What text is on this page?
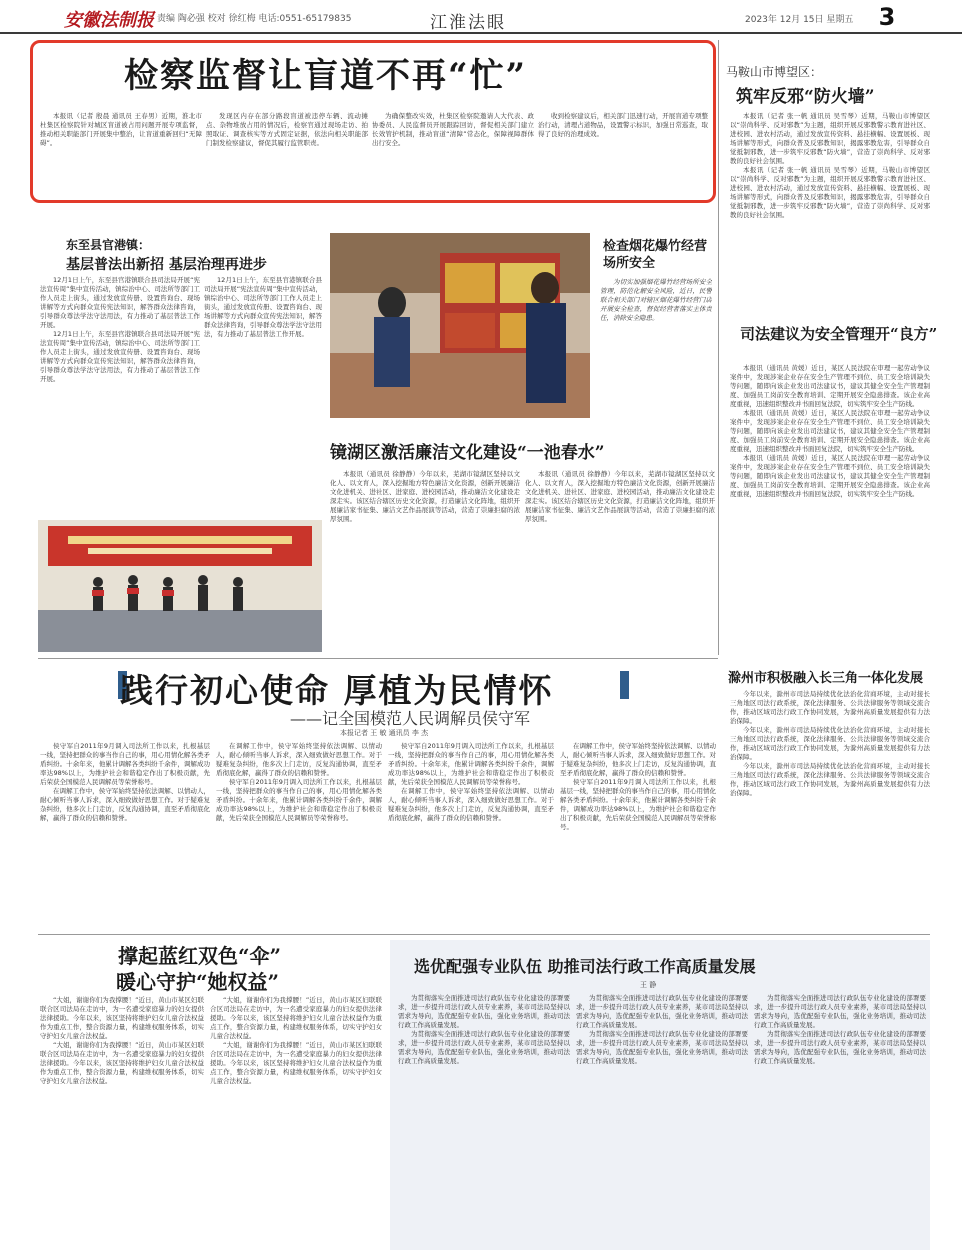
安徽法制报 责编 陶必强 校对 徐红梅 电话:0551-65179835	江淮法眼	2023年 12月 15日 星期五 3
检察监督让盲道不再“忙”

本报讯（记者 殷晨 通讯员 王春男）近期，淮北市杜集区检察院针对城区盲道被占用问题开展专项监督，推动相关职能部门开展集中整治，让盲道重新回归“无障碍”。

发现区内存在部分路段盲道被违停车辆、流动摊点、杂物堆放占用的情况后，检察官通过现场走访、拍照取证、调查核实等方式固定证据，依法向相关职能部门制发检察建议，督促其履行监管职责。

为确保整改实效，杜集区检察院邀请人大代表、政协委员、人民监督员开展跟踪回访，督促相关部门建立长效管护机制，推动盲道“清障”常态化，保障视障群体出行安全。

收到检察建议后，相关部门迅速行动，开展盲道专项整治行动，清理占道物品，设置警示标识，加强日常巡查，取得了良好的治理成效。

马鞍山市博望区：
筑牢反邪“防火墙”

本报讯（记者 张一帆 通讯员 吴雪琴）近期，马鞍山市博望区以“崇尚科学、反对邪教”为主题，组织开展反邪教警示教育进社区、进校园、进农村活动，通过发放宣传资料、悬挂横幅、设置展板、现场讲解等形式，向群众普及反邪教知识，揭露邪教危害，引导群众自觉抵制邪教，进一步筑牢反邪教“防火墙”，营造了崇尚科学、反对邪教的良好社会氛围。

本报讯（记者 张一帆 通讯员 吴雪琴）近期，马鞍山市博望区以“崇尚科学、反对邪教”为主题，组织开展反邪教警示教育进社区、进校园、进农村活动，通过发放宣传资料、悬挂横幅、设置展板、现场讲解等形式，向群众普及反邪教知识，揭露邪教危害，引导群众自觉抵制邪教，进一步筑牢反邪教“防火墙”，营造了崇尚科学、反对邪教的良好社会氛围。

司法建议为安全管理开“良方”

本报讯（通讯员 黄媛）近日，某区人民法院在审理一起劳动争议案件中，发现涉案企业存在安全生产管理不到位、员工安全培训缺失等问题，随即向该企业发出司法建议书，建议其健全安全生产管理制度、加强员工岗前安全教育培训、定期开展安全隐患排查。该企业高度重视，迅速组织整改并书面回复法院，切实筑牢安全生产防线。

本报讯（通讯员 黄媛）近日，某区人民法院在审理一起劳动争议案件中，发现涉案企业存在安全生产管理不到位、员工安全培训缺失等问题，随即向该企业发出司法建议书，建议其健全安全生产管理制度、加强员工岗前安全教育培训、定期开展安全隐患排查。该企业高度重视，迅速组织整改并书面回复法院，切实筑牢安全生产防线。

本报讯（通讯员 黄媛）近日，某区人民法院在审理一起劳动争议案件中，发现涉案企业存在安全生产管理不到位、员工安全培训缺失等问题，随即向该企业发出司法建议书，建议其健全安全生产管理制度、加强员工岗前安全教育培训、定期开展安全隐患排查。该企业高度重视，迅速组织整改并书面回复法院，切实筑牢安全生产防线。

东至县官港镇：
基层普法出新招 基层治理再进步

12月1日上午，东至县官港镇联合县司法局开展“宪法宣传周”集中宣传活动，镇综治中心、司法所等部门工作人员走上街头，通过发放宣传册、设置咨询台、现场讲解等方式向群众宣传宪法知识，解答群众法律咨询，引导群众尊法学法守法用法，有力推动了基层普法工作开展。

12月1日上午，东至县官港镇联合县司法局开展“宪法宣传周”集中宣传活动，镇综治中心、司法所等部门工作人员走上街头，通过发放宣传册、设置咨询台、现场讲解等方式向群众宣传宪法知识，解答群众法律咨询，引导群众尊法学法守法用法，有力推动了基层普法工作开展。

12月1日上午，东至县官港镇联合县司法局开展“宪法宣传周”集中宣传活动，镇综治中心、司法所等部门工作人员走上街头，通过发放宣传册、设置咨询台、现场讲解等方式向群众宣传宪法知识，解答群众法律咨询，引导群众尊法学法守法用法，有力推动了基层普法工作开展。

检查烟花爆竹经营场所安全

为切实加强烟花爆竹经营场所安全管理，防范化解安全风险，近日，民警联合相关部门对辖区烟花爆竹经营门店开展安全检查，督促经营者落实主体责任，消除安全隐患。

镜湖区激活廉洁文化建设“一池春水”

本报讯（通讯员 徐静静）今年以来，芜湖市镜湖区坚持以文化人、以文育人，深入挖掘地方特色廉洁文化资源，创新开展廉洁文化进机关、进社区、进家庭、进校园活动，推动廉洁文化建设走深走实。该区结合辖区历史文化资源，打造廉洁文化阵地，组织开展廉洁家书征集、廉洁文艺作品展演等活动，营造了崇廉拒腐的浓厚氛围。

本报讯（通讯员 徐静静）今年以来，芜湖市镜湖区坚持以文化人、以文育人，深入挖掘地方特色廉洁文化资源，创新开展廉洁文化进机关、进社区、进家庭、进校园活动，推动廉洁文化建设走深走实。该区结合辖区历史文化资源，打造廉洁文化阵地，组织开展廉洁家书征集、廉洁文艺作品展演等活动，营造了崇廉拒腐的浓厚氛围。

践行初心使命 厚植为民情怀
——记全国模范人民调解员侯守军
本报记者 王 敏 通讯员 李 杰

侯守军自2011年9月调入司法所工作以来，扎根基层一线，坚持把群众的事当作自己的事，用心用情化解各类矛盾纠纷。十余年来，他累计调解各类纠纷千余件，调解成功率达98%以上，为维护社会和谐稳定作出了积极贡献，先后荣获全国模范人民调解员等荣誉称号。

在调解工作中，侯守军始终坚持依法调解、以情动人，耐心倾听当事人诉求，深入细致做好思想工作。对于疑难复杂纠纷，他多次上门走访，反复沟通协调，直至矛盾彻底化解，赢得了群众的信赖和赞誉。

在调解工作中，侯守军始终坚持依法调解、以情动人，耐心倾听当事人诉求，深入细致做好思想工作。对于疑难复杂纠纷，他多次上门走访，反复沟通协调，直至矛盾彻底化解，赢得了群众的信赖和赞誉。

侯守军自2011年9月调入司法所工作以来，扎根基层一线，坚持把群众的事当作自己的事，用心用情化解各类矛盾纠纷。十余年来，他累计调解各类纠纷千余件，调解成功率达98%以上，为维护社会和谐稳定作出了积极贡献，先后荣获全国模范人民调解员等荣誉称号。

侯守军自2011年9月调入司法所工作以来，扎根基层一线，坚持把群众的事当作自己的事，用心用情化解各类矛盾纠纷。十余年来，他累计调解各类纠纷千余件，调解成功率达98%以上，为维护社会和谐稳定作出了积极贡献，先后荣获全国模范人民调解员等荣誉称号。

在调解工作中，侯守军始终坚持依法调解、以情动人，耐心倾听当事人诉求，深入细致做好思想工作。对于疑难复杂纠纷，他多次上门走访，反复沟通协调，直至矛盾彻底化解，赢得了群众的信赖和赞誉。

在调解工作中，侯守军始终坚持依法调解、以情动人，耐心倾听当事人诉求，深入细致做好思想工作。对于疑难复杂纠纷，他多次上门走访，反复沟通协调，直至矛盾彻底化解，赢得了群众的信赖和赞誉。

侯守军自2011年9月调入司法所工作以来，扎根基层一线，坚持把群众的事当作自己的事，用心用情化解各类矛盾纠纷。十余年来，他累计调解各类纠纷千余件，调解成功率达98%以上，为维护社会和谐稳定作出了积极贡献，先后荣获全国模范人民调解员等荣誉称号。

滁州市积极融入长三角一体化发展

今年以来，滁州市司法局持续优化法治化营商环境，主动对接长三角地区司法行政系统，深化法律服务、公共法律服务等领域交流合作，推动区域司法行政工作协同发展，为滁州高质量发展提供有力法治保障。

今年以来，滁州市司法局持续优化法治化营商环境，主动对接长三角地区司法行政系统，深化法律服务、公共法律服务等领域交流合作，推动区域司法行政工作协同发展，为滁州高质量发展提供有力法治保障。

今年以来，滁州市司法局持续优化法治化营商环境，主动对接长三角地区司法行政系统，深化法律服务、公共法律服务等领域交流合作，推动区域司法行政工作协同发展，为滁州高质量发展提供有力法治保障。

撑起蓝红双色“伞”
暖心守护“她权益”

“大姐，谢谢你们为我撑腰！”近日，黄山市某区妇联联合区司法局在走访中，为一名遭受家庭暴力的妇女提供法律援助。今年以来，该区坚持将维护妇女儿童合法权益作为重点工作，整合资源力量，构建维权服务体系，切实守护妇女儿童合法权益。

“大姐，谢谢你们为我撑腰！”近日，黄山市某区妇联联合区司法局在走访中，为一名遭受家庭暴力的妇女提供法律援助。今年以来，该区坚持将维护妇女儿童合法权益作为重点工作，整合资源力量，构建维权服务体系，切实守护妇女儿童合法权益。

“大姐，谢谢你们为我撑腰！”近日，黄山市某区妇联联合区司法局在走访中，为一名遭受家庭暴力的妇女提供法律援助。今年以来，该区坚持将维护妇女儿童合法权益作为重点工作，整合资源力量，构建维权服务体系，切实守护妇女儿童合法权益。

“大姐，谢谢你们为我撑腰！”近日，黄山市某区妇联联合区司法局在走访中，为一名遭受家庭暴力的妇女提供法律援助。今年以来，该区坚持将维护妇女儿童合法权益作为重点工作，整合资源力量，构建维权服务体系，切实守护妇女儿童合法权益。

选优配强专业队伍 助推司法行政工作高质量发展
王 静

为贯彻落实全面推进司法行政队伍专业化建设的部署要求，进一步提升司法行政人员专业素养，某市司法局坚持以需求为导向，选优配强专业队伍，强化业务培训，推动司法行政工作高质量发展。

为贯彻落实全面推进司法行政队伍专业化建设的部署要求，进一步提升司法行政人员专业素养，某市司法局坚持以需求为导向，选优配强专业队伍，强化业务培训，推动司法行政工作高质量发展。

为贯彻落实全面推进司法行政队伍专业化建设的部署要求，进一步提升司法行政人员专业素养，某市司法局坚持以需求为导向，选优配强专业队伍，强化业务培训，推动司法行政工作高质量发展。

为贯彻落实全面推进司法行政队伍专业化建设的部署要求，进一步提升司法行政人员专业素养，某市司法局坚持以需求为导向，选优配强专业队伍，强化业务培训，推动司法行政工作高质量发展。

为贯彻落实全面推进司法行政队伍专业化建设的部署要求，进一步提升司法行政人员专业素养，某市司法局坚持以需求为导向，选优配强专业队伍，强化业务培训，推动司法行政工作高质量发展。

为贯彻落实全面推进司法行政队伍专业化建设的部署要求，进一步提升司法行政人员专业素养，某市司法局坚持以需求为导向，选优配强专业队伍，强化业务培训，推动司法行政工作高质量发展。
